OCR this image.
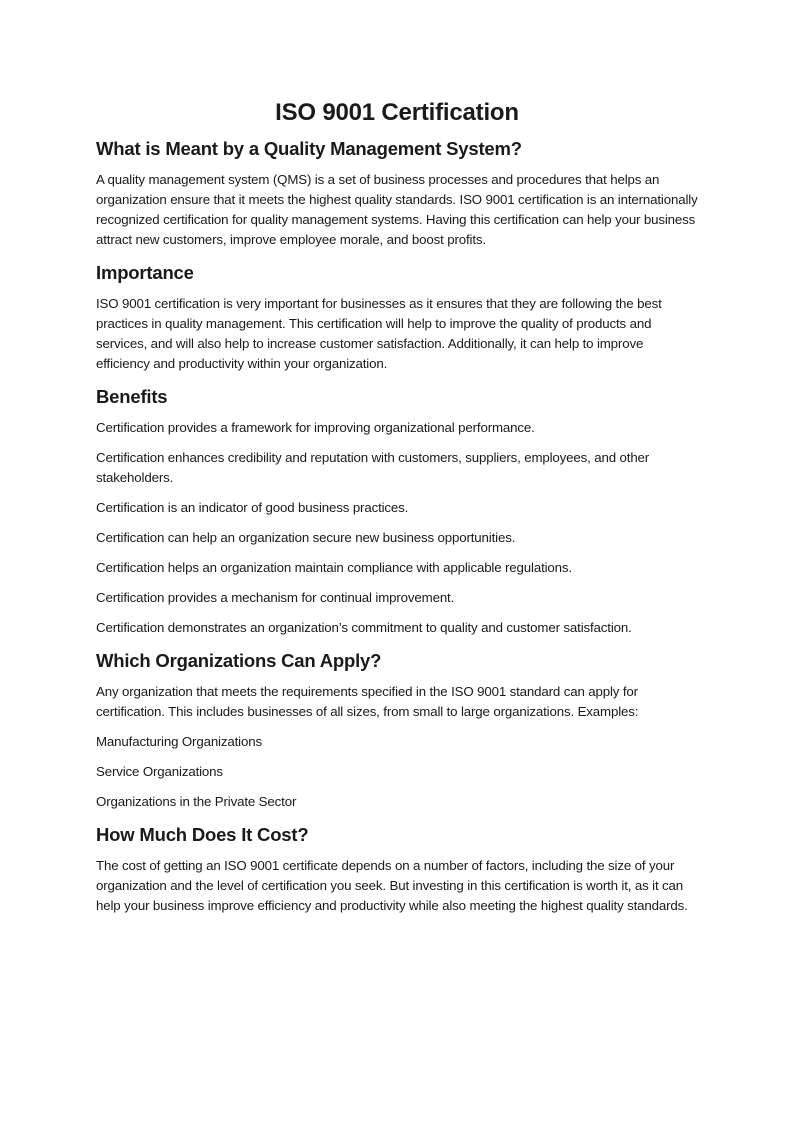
ISO 9001 Certification
What is Meant by a Quality Management System?

A quality management system (QMS) is a set of business processes and procedures that helps an organization ensure that it meets the highest quality standards. ISO 9001 certification is an internationally recognized certification for quality management systems. Having this certification can help your business attract new customers, improve employee morale, and boost profits.

Importance

ISO 9001 certification is very important for businesses as it ensures that they are following the best practices in quality management. This certification will help to improve the quality of products and services, and will also help to increase customer satisfaction. Additionally, it can help to improve efficiency and productivity within your organization.

Benefits

Certification provides a framework for improving organizational performance.

Certification enhances credibility and reputation with customers, suppliers, employees, and other stakeholders.

Certification is an indicator of good business practices.

Certification can help an organization secure new business opportunities.

Certification helps an organization maintain compliance with applicable regulations.

Certification provides a mechanism for continual improvement.

Certification demonstrates an organization’s commitment to quality and customer satisfaction.

Which Organizations Can Apply?

Any organization that meets the requirements specified in the ISO 9001 standard can apply for certification. This includes businesses of all sizes, from small to large organizations. Examples:

Manufacturing Organizations

Service Organizations

Organizations in the Private Sector

How Much Does It Cost?

The cost of getting an ISO 9001 certificate depends on a number of factors, including the size of your organization and the level of certification you seek. But investing in this certification is worth it, as it can help your business improve efficiency and productivity while also meeting the highest quality standards.
